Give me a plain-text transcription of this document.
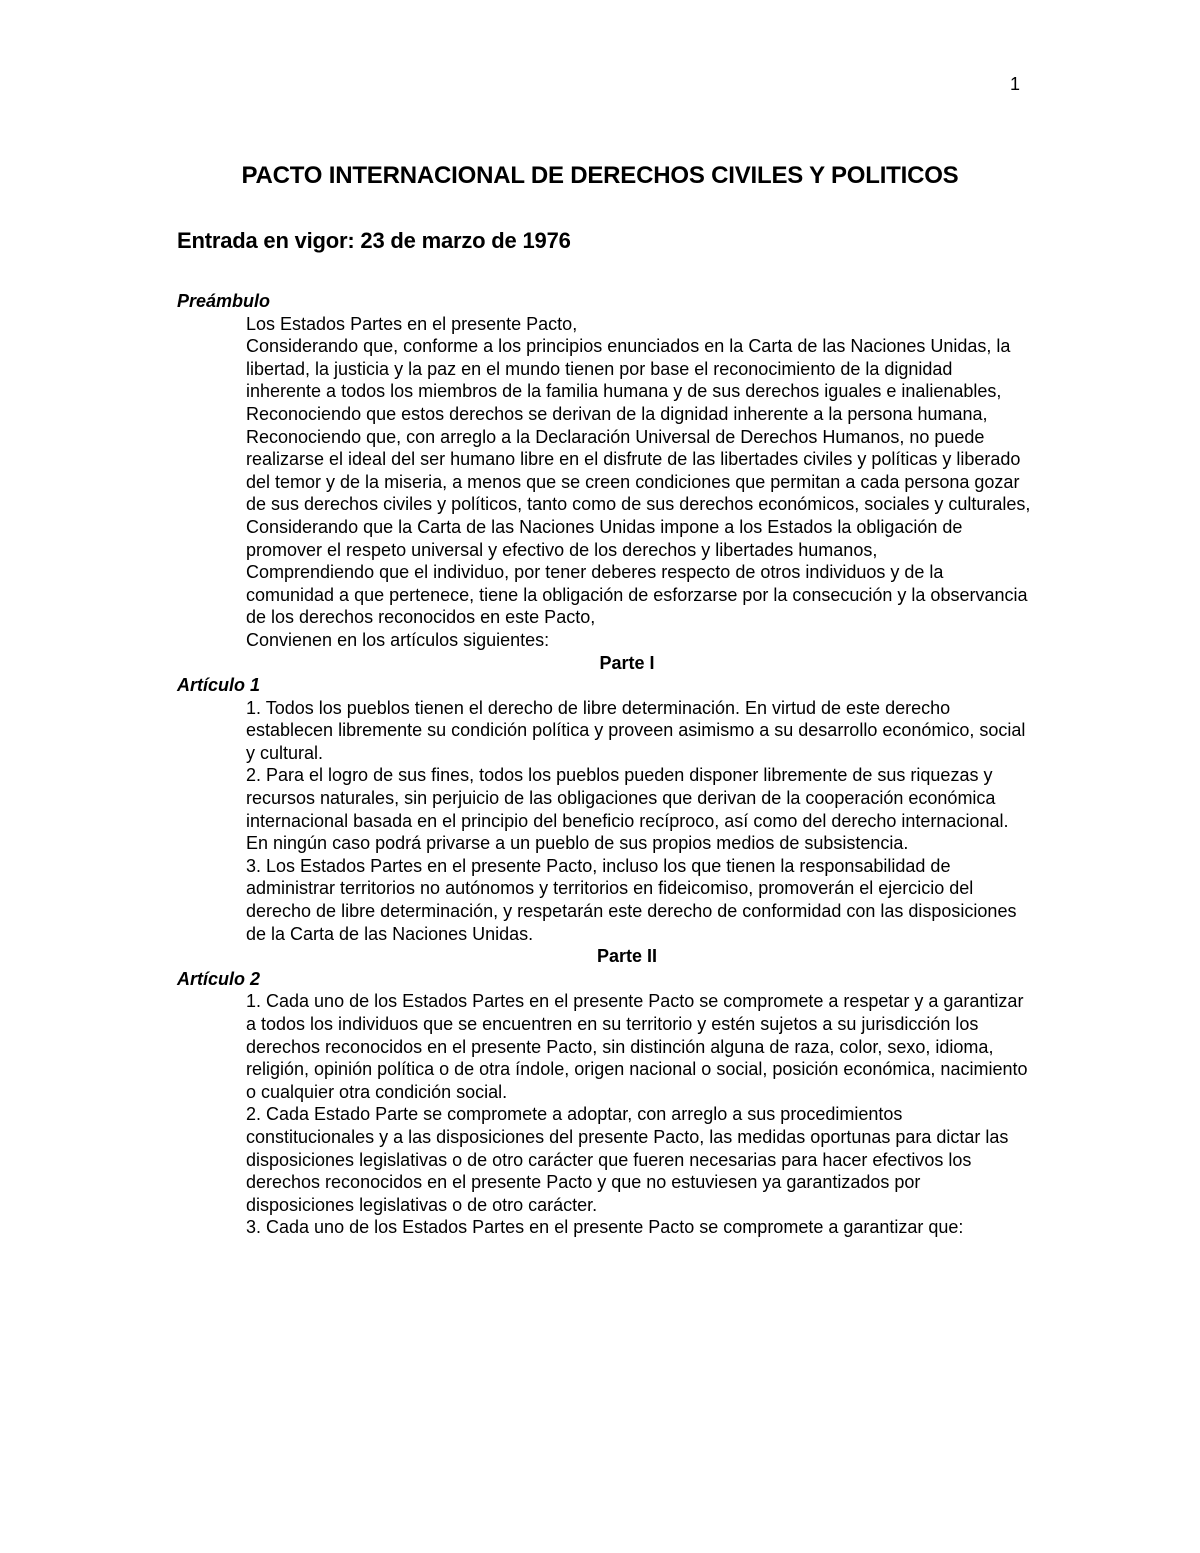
1
PACTO INTERNACIONAL DE DERECHOS CIVILES Y POLITICOS
Entrada en vigor: 23 de marzo de 1976

Preámbulo

Los Estados Partes en el presente Pacto,

Considerando que, conforme a los principios enunciados en la Carta de las Naciones Unidas, la libertad, la justicia y la paz en el mundo tienen por base el reconocimiento de la dignidad inherente a todos los miembros de la familia humana y de sus derechos iguales e inalienables,

Reconociendo que estos derechos se derivan de la dignidad inherente a la persona humana,

Reconociendo que, con arreglo a la Declaración Universal de Derechos Humanos, no puede realizarse el ideal del ser humano libre en el disfrute de las libertades civiles y políticas y liberado del temor y de la miseria, a menos que se creen condiciones que permitan a cada persona gozar de sus derechos civiles y políticos, tanto como de sus derechos económicos, sociales y culturales,

Considerando que la Carta de las Naciones Unidas impone a los Estados la obligación de promover el respeto universal y efectivo de los derechos y libertades humanos,

Comprendiendo que el individuo, por tener deberes respecto de otros individuos y de la comunidad a que pertenece, tiene la obligación de esforzarse por la consecución y la observancia de los derechos reconocidos en este Pacto,

Convienen en los artículos siguientes:

Parte I

Artículo 1

1. Todos los pueblos tienen el derecho de libre determinación. En virtud de este derecho establecen libremente su condición política y proveen asimismo a su desarrollo económico, social y cultural.

2. Para el logro de sus fines, todos los pueblos pueden disponer libremente de sus riquezas y recursos naturales, sin perjuicio de las obligaciones que derivan de la cooperación económica internacional basada en el principio del beneficio recíproco, así como del derecho internacional. En ningún caso podrá privarse a un pueblo de sus propios medios de subsistencia.

3. Los Estados Partes en el presente Pacto, incluso los que tienen la responsabilidad de administrar territorios no autónomos y territorios en fideicomiso, promoverán el ejercicio del derecho de libre determinación, y respetarán este derecho de conformidad con las disposiciones de la Carta de las Naciones Unidas.

Parte II

Artículo 2

1. Cada uno de los Estados Partes en el presente Pacto se compromete a respetar y a garantizar a todos los individuos que se encuentren en su territorio y estén sujetos a su jurisdicción los derechos reconocidos en el presente Pacto, sin distinción alguna de raza, color, sexo, idioma, religión, opinión política o de otra índole, origen nacional o social, posición económica, nacimiento o cualquier otra condición social.

2. Cada Estado Parte se compromete a adoptar, con arreglo a sus procedimientos constitucionales y a las disposiciones del presente Pacto, las medidas oportunas para dictar las disposiciones legislativas o de otro carácter que fueren necesarias para hacer efectivos los derechos reconocidos en el presente Pacto y que no estuviesen ya garantizados por disposiciones legislativas o de otro carácter.

3. Cada uno de los Estados Partes en el presente Pacto se compromete a garantizar que:
